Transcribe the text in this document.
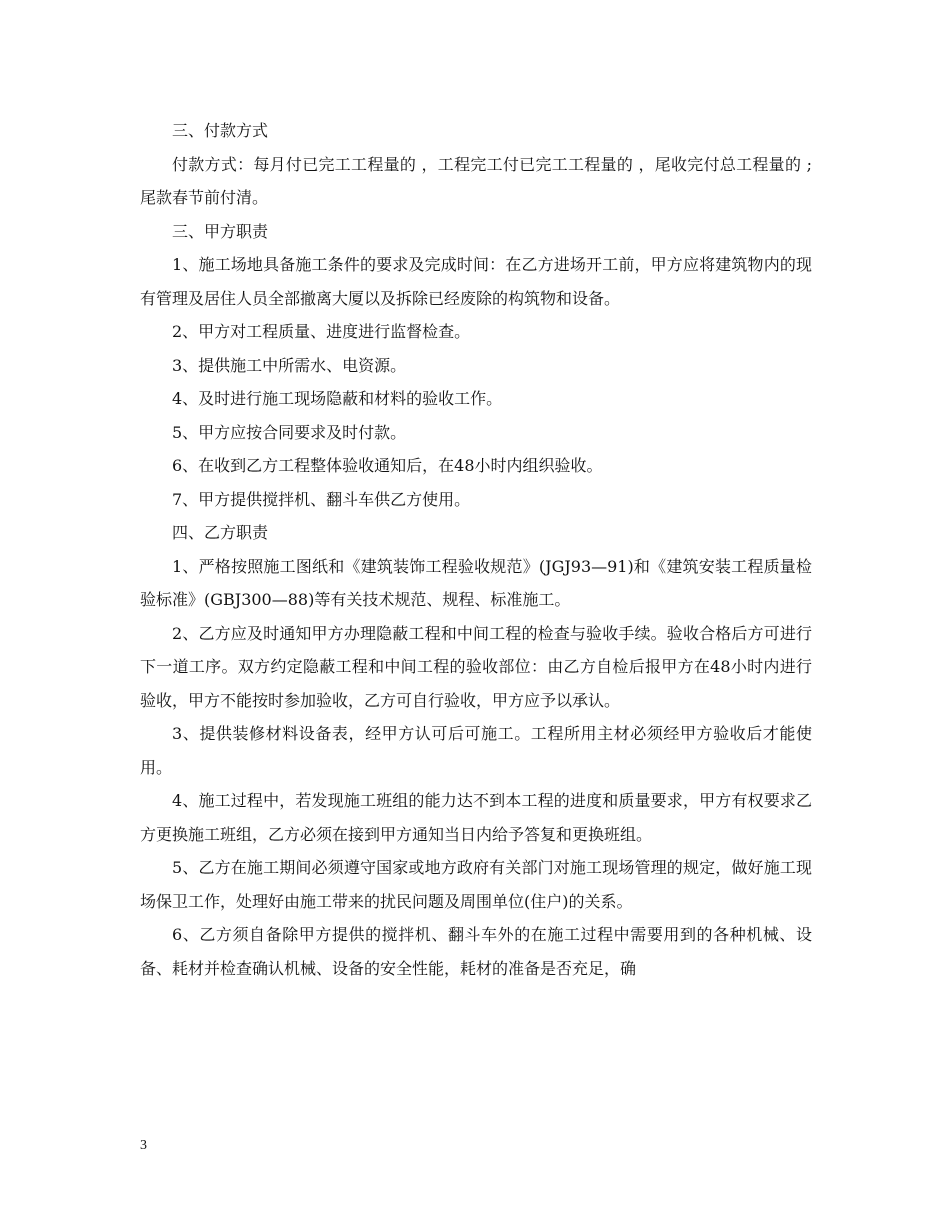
三、付款方式

付款方式：每月付已完工工程量的 ，工程完工付已完工工程量的 ，尾收完付总工程量的 ;尾款春节前付清。

三、甲方职责

1、施工场地具备施工条件的要求及完成时间：在乙方进场开工前，甲方应将建筑物内的现有管理及居住人员全部撤离大厦以及拆除已经废除的构筑物和设备。

2、甲方对工程质量、进度进行监督检查。

3、提供施工中所需水、电资源。

4、及时进行施工现场隐蔽和材料的验收工作。

5、甲方应按合同要求及时付款。

6、在收到乙方工程整体验收通知后，在48小时内组织验收。

7、甲方提供搅拌机、翻斗车供乙方使用。

四、乙方职责

1、严格按照施工图纸和《建筑装饰工程验收规范》(JGJ93—91)和《建筑安装工程质量检验标准》(GBJ300—88)等有关技术规范、规程、标准施工。

2、乙方应及时通知甲方办理隐蔽工程和中间工程的检查与验收手续。验收合格后方可进行下一道工序。双方约定隐蔽工程和中间工程的验收部位：由乙方自检后报甲方在48小时内进行验收，甲方不能按时参加验收，乙方可自行验收，甲方应予以承认。

3、提供装修材料设备表，经甲方认可后可施工。工程所用主材必须经甲方验收后才能使用。

4、施工过程中，若发现施工班组的能力达不到本工程的进度和质量要求，甲方有权要求乙方更换施工班组，乙方必须在接到甲方通知当日内给予答复和更换班组。

5、乙方在施工期间必须遵守国家或地方政府有关部门对施工现场管理的规定，做好施工现场保卫工作，处理好由施工带来的扰民问题及周围单位(住户)的关系。

6、乙方须自备除甲方提供的搅拌机、翻斗车外的在施工过程中需要用到的各种机械、设备、耗材并检查确认机械、设备的安全性能，耗材的准备是否充足，确

3
